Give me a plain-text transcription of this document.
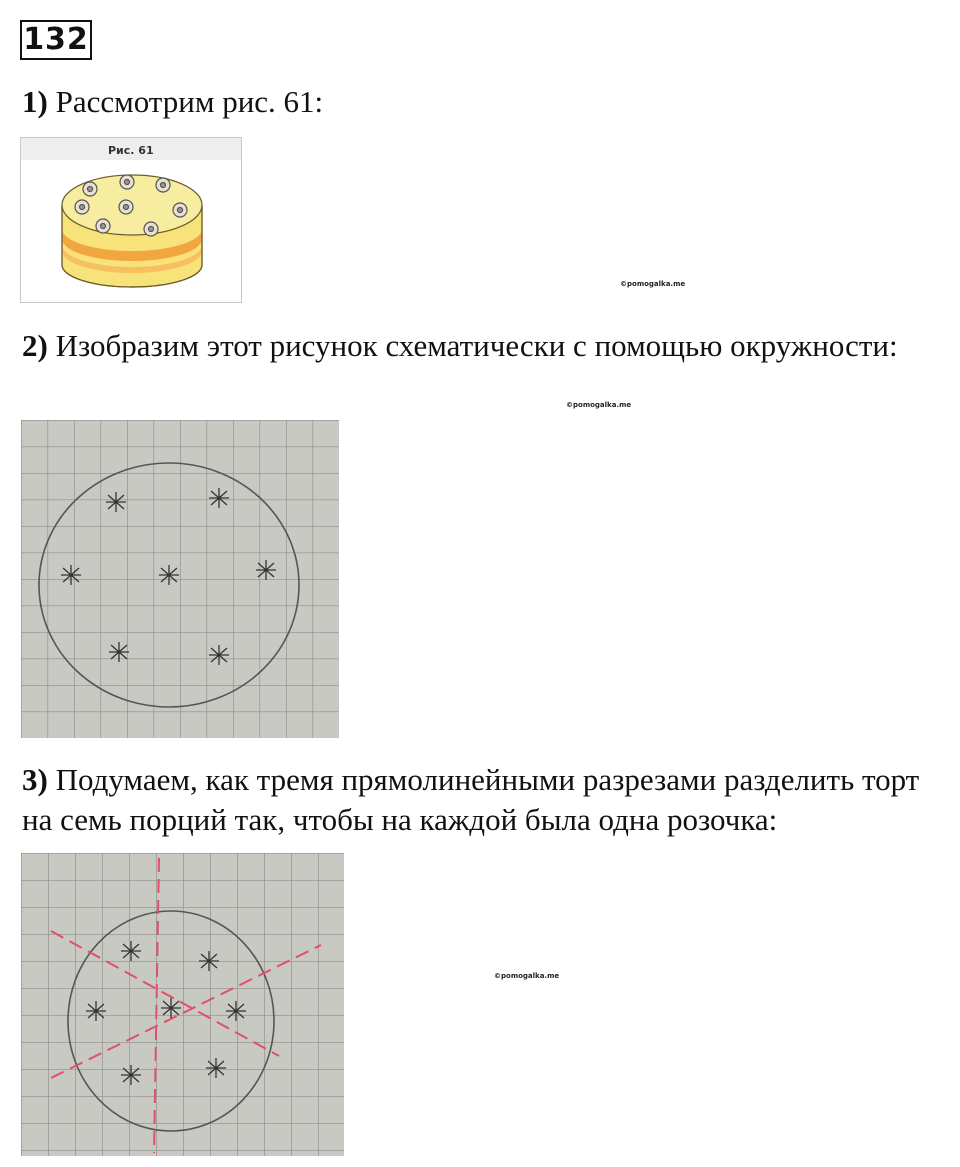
132

1) Рассмотрим рис. 61:

Рис. 61
©pomogalka.me

2) Изобразим этот рисунок схематически с помощью окружности:

©pomogalka.me

3) Подумаем, как тремя прямолинейными разрезами разделить торт на семь порций так, чтобы на каждой была одна розочка:

©pomogalka.me
